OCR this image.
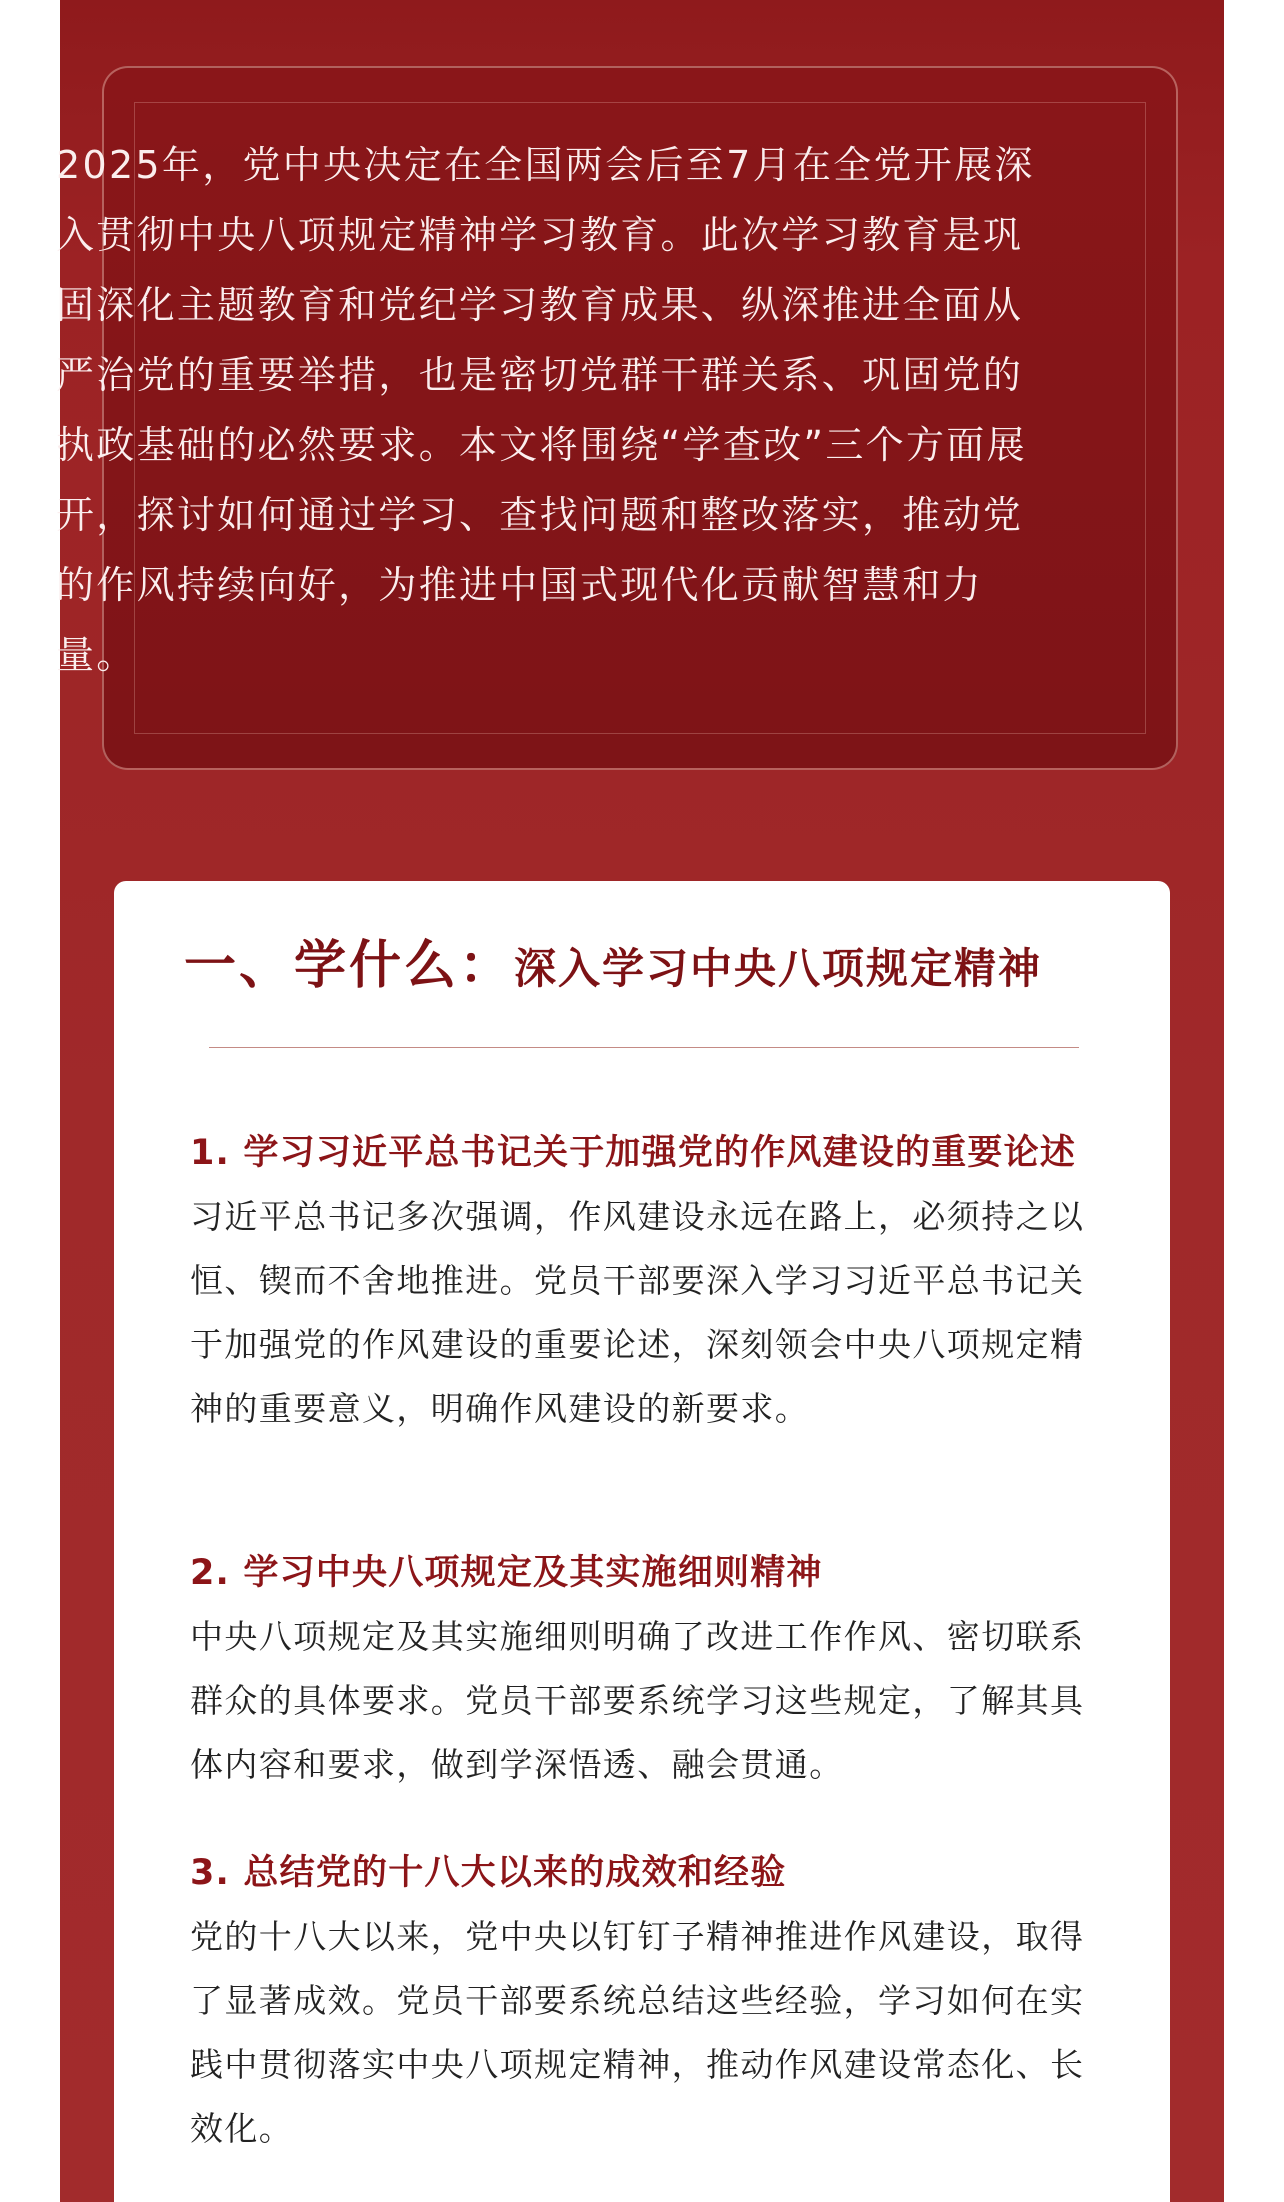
2025年，党中央决定在全国两会后至7月在全党开展深入贯彻中央八项规定精神学习教育。此次学习教育是巩固深化主题教育和党纪学习教育成果、纵深推进全面从严治党的重要举措，也是密切党群干群关系、巩固党的执政基础的必然要求。本文将围绕“学查改”三个方面展开，探讨如何通过学习、查找问题和整改落实，推动党的作风持续向好，为推进中国式现代化贡献智慧和力量。

一、学什么：深入学习中央八项规定精神
1. 学习习近平总书记关于加强党的作风建设的重要论述

习近平总书记多次强调，作风建设永远在路上，必须持之以恒、锲而不舍地推进。党员干部要深入学习习近平总书记关于加强党的作风建设的重要论述，深刻领会中央八项规定精神的重要意义，明确作风建设的新要求。

2. 学习中央八项规定及其实施细则精神

中央八项规定及其实施细则明确了改进工作作风、密切联系群众的具体要求。党员干部要系统学习这些规定，了解其具体内容和要求，做到学深悟透、融会贯通。

3. 总结党的十八大以来的成效和经验

党的十八大以来，党中央以钉钉子精神推进作风建设，取得了显著成效。党员干部要系统总结这些经验，学习如何在实践中贯彻落实中央八项规定精神，推动作风建设常态化、长效化。
